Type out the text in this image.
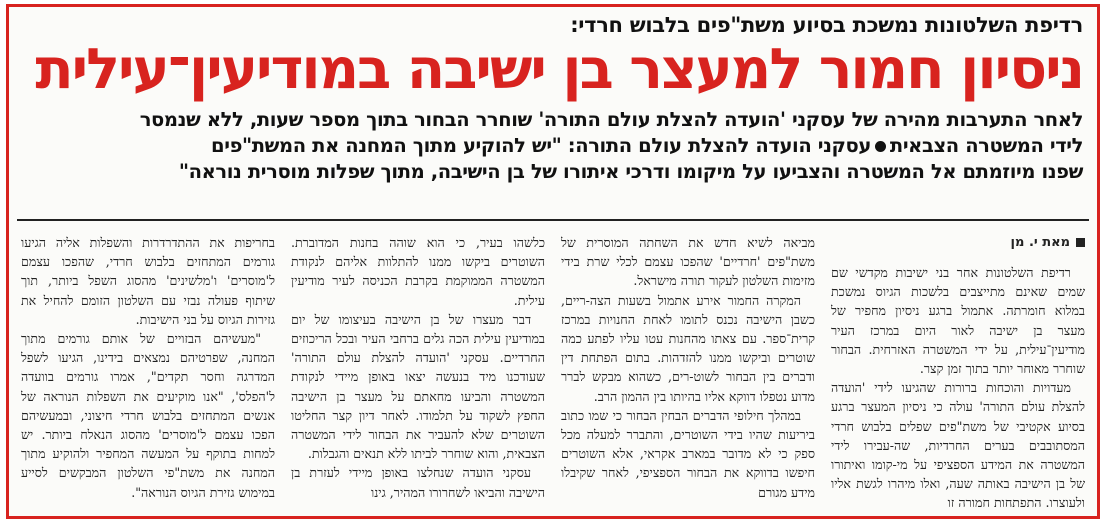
רדיפת השלטונות נמשכת בסיוע משת"פים בלבוש חרדי:
ניסיון חמור למעצר בן ישיבה במודיעין־עילית
לאחר התערבות מהירה של עסקני 'הועדה להצלת עולם התורה' שוחרר הבחור בתוך מספר שעות, ללא שנמסר
לידי המשטרה הצבאיתעסקני הועדה להצלת עולם התורה: "יש להוקיע מתוך המחנה את המשת"פים
שפנו מיוזמתם אל המשטרה והצביעו על מיקומו ודרכי איתורו של בן הישיבה, מתוך שפלות מוסרית נוראה"
מאת י. מן

רדיפת השלטונות אחר בני ישיבות מקדשי שם שמים שאינם מתייצבים בלשכות הגיוס נמשכת במלוא חומרתה. אתמול ברגע ניסיון מחפיר של מעצר בן ישיבה לאור היום במרכז העיר מודיעין־עילית, על ידי המשטרה האזרחית. הבחור שוחרר מאוחר יותר בתוך זמן קצר.

מעדויות והוכחות ברורות שהגיעו לידי 'הועדה להצלת עולם התורה' עולה כי ניסיון המעצר ברגע בסיוע אקטיבי של משת"פים שפלים בלבוש חרדי המסתובבים בערים החרדיות, שה-עבירו לידי המשטרה את המידע הספציפי על מי-קומו ואיתורו של בן הישיבה באותה שעה, ואלו מיהרו לגשת אליו ולעוצרו. התפתחות חמורה זו

מביאה לשיא חדש את השחתה המוסרית של משת"פים 'חרדיים' שהפכו עצמם לכלי שרת בידי מזימות השלטון לעקור תורה מישראל.

המקרה החמור אירע אתמול בשעות הצה-ריים, כשבן הישיבה נכנס לתומו לאחת החנויות במרכז קרית־ספר. עם צאתו מהחנות עטו עליו לפתע כמה שוטרים וביקשו ממנו להזדהות. בתום הפתחת דין ודברים בין הבחור לשוט-רים, כשהוא מבקש לברר מדוע נטפלו דווקא אליו בהיותו בין ההמון הרב.

במהלך חילופי הדברים הבחין הבחור כי שמו כתוב ביריעות שהיו בידי השוטרים, והתברר למעלה מכל ספק כי לא מדובר במארב אקראי, אלא השוטרים חיפשו בדווקא את הבחור הספציפי, לאחר שקיבלו מידע מגורם

כלשהו בעיר, כי הוא שוהה בחנות המדוברת. השוטרים ביקשו ממנו להתלוות אליהם לנקודת המשטרה הממוקמת בקרבת הכניסה לעיר מודיעין עילית.

דבר מעצרו של בן הישיבה בעיצומו של יום במודיעין עילית הכה גלים ברחבי העיר ובכל הריכוזים החרדיים. עסקני 'הועדה להצלת עולם התורה' שעודכנו מיד בנעשה יצאו באופן מיידי לנקודת המשטרה והביעו מחאתם על מעצר בן הישיבה החפץ לשקוד על תלמודו. לאחר דיון קצר החליטו השוטרים שלא להעביר את הבחור לידי המשטרה הצבאית, והוא שוחרר לביתו ללא תנאים והגבלות.

עסקני הועדה שנחלצו באופן מיידי לעזרת בן הישיבה והביאו לשחרורו המהיר, גינו

בחריפות את ההתדרדרות והשפלות אליה הגיעו גורמים המתחזים בלבוש חרדי, שהפכו עצמם ל'מוסרים' ו'מלשינים' מהסוג השפל ביותר, תוך שיתוף פעולה נבזי עם השלטון הזומם להחיל את גזירות הגיוס על בני הישיבות.

"מעשיהם הבזויים של אותם גורמים מתוך המחנה, שפרטיהם נמצאים בידינו, הגיעו לשפל המדרגה וחסר תקדים", אמרו גורמים בוועדה ל'הפלס', "אנו מוקיעים את השפלות הנוראה של אנשים המתחזים בלבוש חרדי חיצוני, ובמעשיהם הפכו עצמם ל'מוסרים' מהסוג הנאלח ביותר. יש למחות בתוקף על המעשה המחפיר ולהוקיע מתוך המחנה את משת"פי השלטון המבקשים לסייע במימוש גזירת הגיוס הנוראה".
